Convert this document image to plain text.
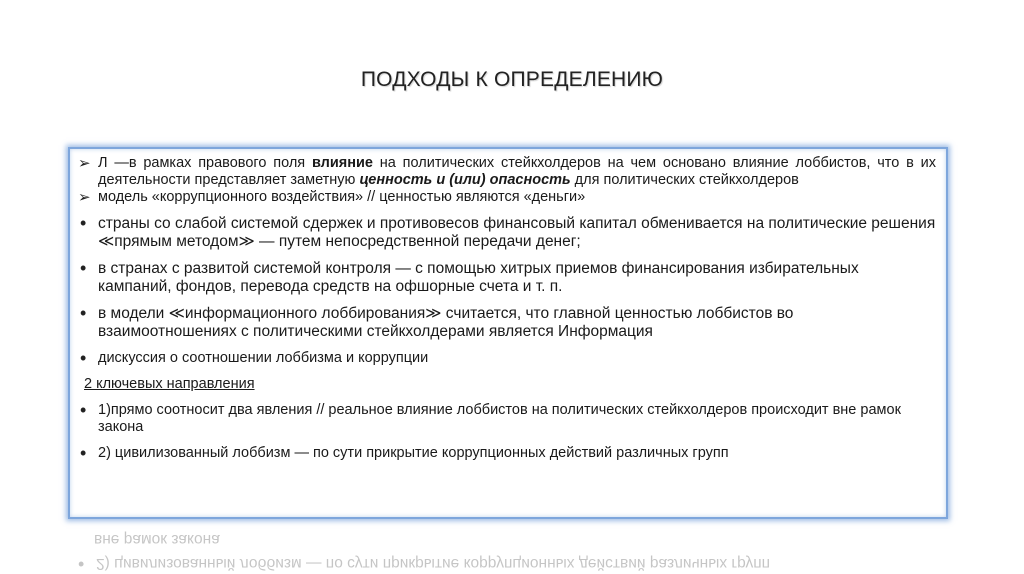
ПОДХОДЫ К ОПРЕДЕЛЕНИЮ
➢ Л —в рамках правового поля влияние на политических стейкхолдеров на чем основано влияние лоббистов, что в их деятельности представляет заметную ценность и (или) опасность для политических стейкхолдеров
➢ модель «коррупционного воздействия» // ценностью являются «деньги»
• страны со слабой системой сдержек и противовесов финансовый капитал обменивается на политические решения ≪прямым методом≫ — путем непосредственной передачи денег;
• в странах с развитой системой контроля — с помощью хитрых приемов финансирования избирательных кампаний, фондов, перевода средств на офшорные счета и т. п.
• в модели ≪информационного лоббирования≫ считается, что главной ценностью лоббистов во взаимоотношениях с политическими стейкхолдерами является Информация
• дискуссия о соотношении лоббизма и коррупции
2 ключевых направления
• 1)прямо соотносит два явления // реальное влияние лоббистов на политических стейкхолдеров происходит вне рамок закона
• 2) цивилизованный лоббизм — по сути прикрытие коррупционных действий различных групп
• 2) цивилизованный лоббизм — по сути прикрытие коррупционных действий различных групп
вне рамок закона
